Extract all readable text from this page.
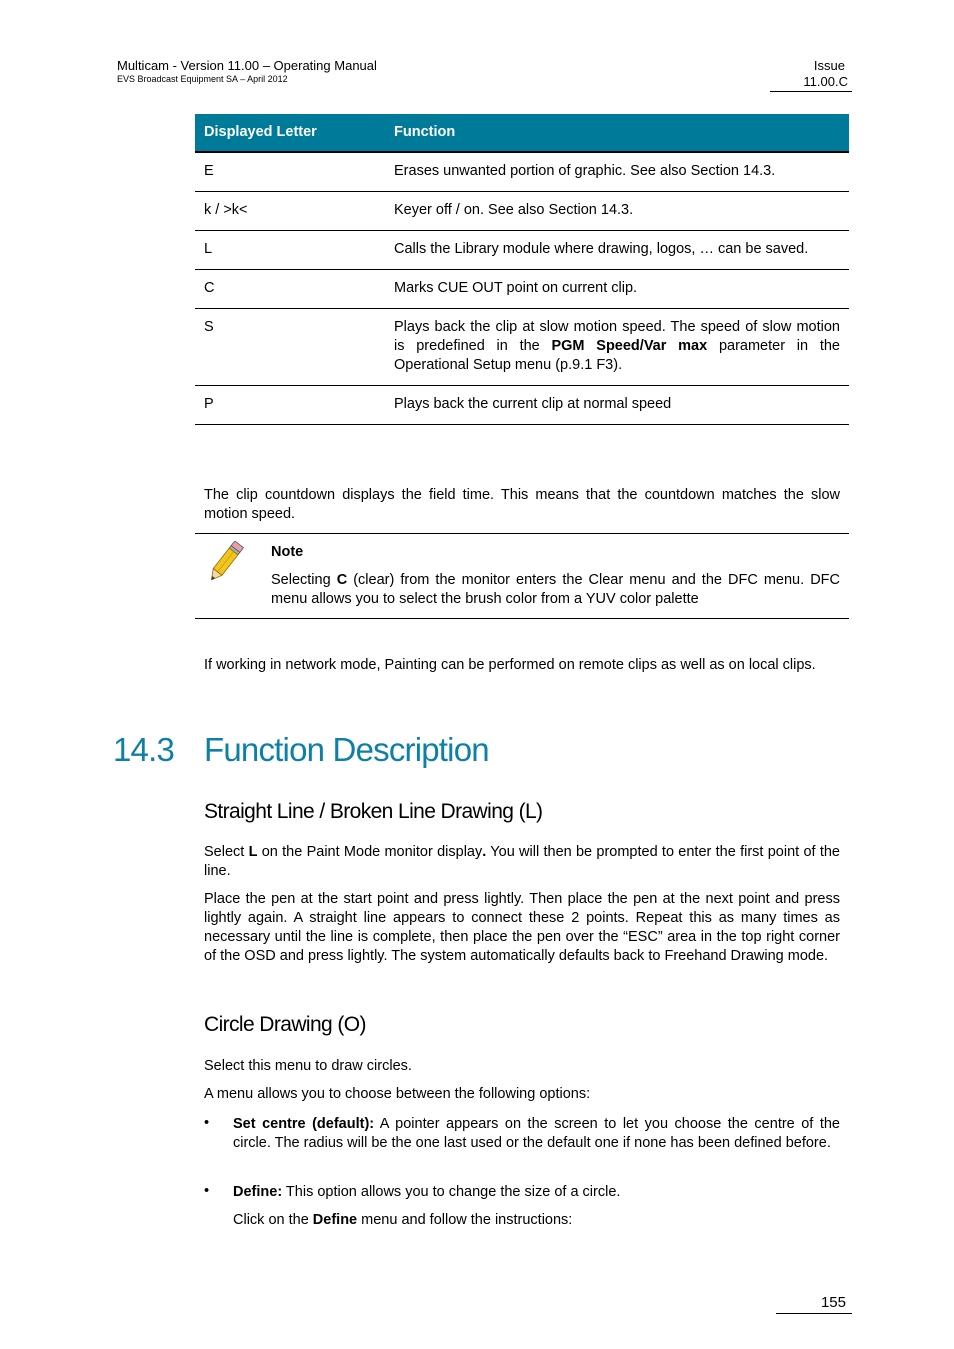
Multicam - Version 11.00 – Operating Manual
EVS Broadcast Equipment SA – April 2012
Issue
11.00.C
Displayed Letter	Function
E	Erases unwanted portion of graphic. See also Section 14.3.
k / >k<	Keyer off / on. See also Section 14.3.
L	Calls the Library module where drawing, logos, … can be saved.
C	Marks CUE OUT point on current clip.
S	Plays back the clip at slow motion speed. The speed of slow motion is predefined in the PGM Speed/Var max parameter in the Operational Setup menu (p.9.1 F3).
P	Plays back the current clip at normal speed
The clip countdown displays the field time. This means that the countdown matches the slow motion speed.
Note
Selecting C (clear) from the monitor enters the Clear menu and the DFC menu. DFC menu allows you to select the brush color from a YUV color palette
If working in network mode, Painting can be performed on remote clips as well as on local clips.
14.3 Function Description
Straight Line / Broken Line Drawing (L)
Select L on the Paint Mode monitor display. You will then be prompted to enter the first point of the line.
Place the pen at the start point and press lightly. Then place the pen at the next point and press lightly again. A straight line appears to connect these 2 points. Repeat this as many times as necessary until the line is complete, then place the pen over the “ESC” area in the top right corner of the OSD and press lightly. The system automatically defaults back to Freehand Drawing mode.
Circle Drawing (O)
Select this menu to draw circles.
A menu allows you to choose between the following options:
• Set centre (default): A pointer appears on the screen to let you choose the centre of the circle. The radius will be the one last used or the default one if none has been defined before.
• Define: This option allows you to change the size of a circle.
Click on the Define menu and follow the instructions:
155
